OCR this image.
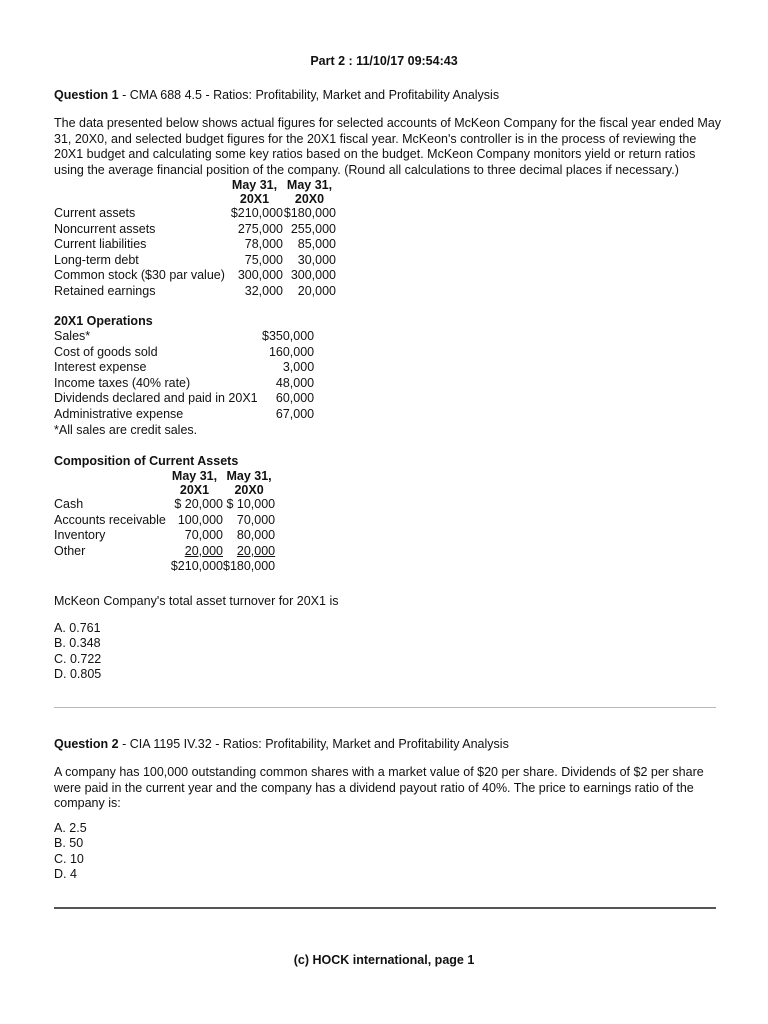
Part 2 : 11/10/17 09:54:43
Question 1 - CMA 688 4.5 - Ratios: Profitability, Market and Profitability Analysis
The data presented below shows actual figures for selected accounts of McKeon Company for the fiscal year ended May 31, 20X0, and selected budget figures for the 20X1 fiscal year. McKeon's controller is in the process of reviewing the 20X1 budget and calculating some key ratios based on the budget. McKeon Company monitors yield or return ratios using the average financial position of the company. (Round all calculations to three decimal places if necessary.)
	May 31,	May 31,
	20X1	20X0
Current assets	$210,000	$180,000
Noncurrent assets	275,000	255,000
Current liabilities	78,000	85,000
Long-term debt	75,000	30,000
Common stock ($30 par value)	300,000	300,000
Retained earnings	32,000	20,000
20X1 Operations
Sales*	$350,000
Cost of goods sold	160,000
Interest expense	3,000
Income taxes (40% rate)	48,000
Dividends declared and paid in 20X1	60,000
Administrative expense	67,000
*All sales are credit sales.	
Composition of Current Assets
	May 31,	May 31,
	20X1	20X0
Cash	$ 20,000	$ 10,000
Accounts receivable	100,000	70,000
Inventory	70,000	80,000
Other	20,000	20,000
	$210,000	$180,000
McKeon Company's total asset turnover for 20X1 is
A. 0.761
B. 0.348
C. 0.722
D. 0.805
Question 2 - CIA 1195 IV.32 - Ratios: Profitability, Market and Profitability Analysis
A company has 100,000 outstanding common shares with a market value of $20 per share. Dividends of $2 per share were paid in the current year and the company has a dividend payout ratio of 40%. The price to earnings ratio of the company is:
A. 2.5
B. 50
C. 10
D. 4
(c) HOCK international, page 1
